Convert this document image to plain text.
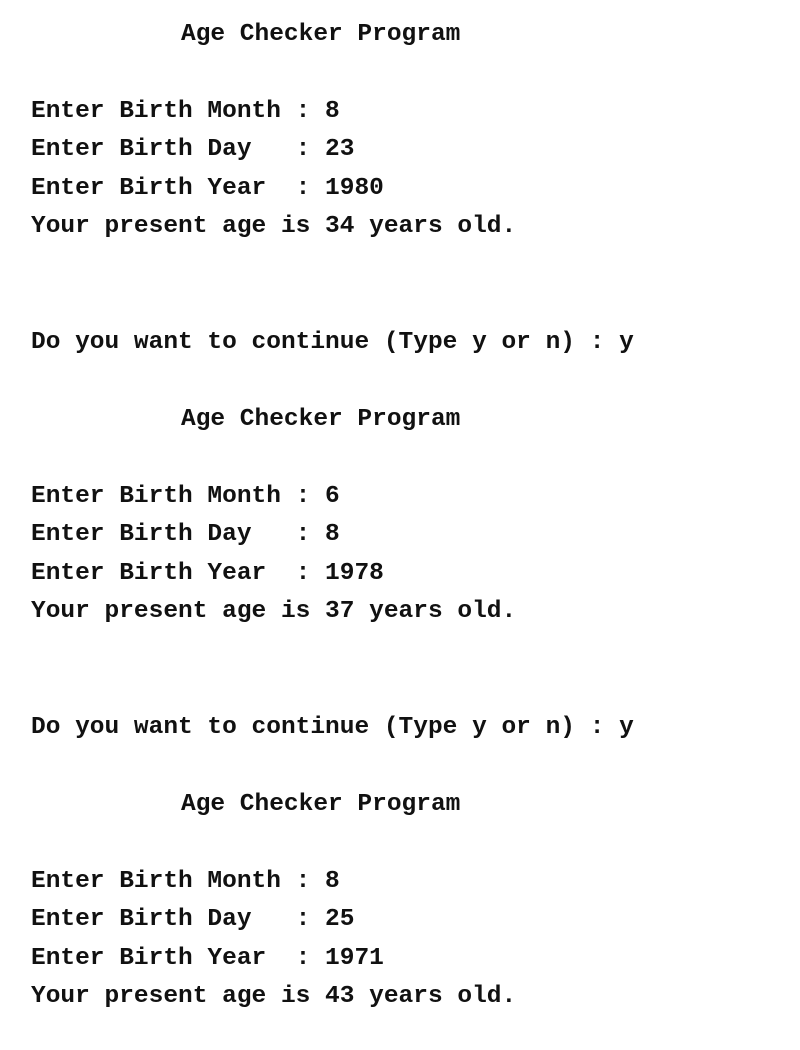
Age Checker Program
Enter Birth Month : 8
Enter Birth Day   : 23
Enter Birth Year  : 1980
Your present age is 34 years old.
Do you want to continue (Type y or n) : y
Age Checker Program
Enter Birth Month : 6
Enter Birth Day   : 8
Enter Birth Year  : 1978
Your present age is 37 years old.
Do you want to continue (Type y or n) : y
Age Checker Program
Enter Birth Month : 8
Enter Birth Day   : 25
Enter Birth Year  : 1971
Your present age is 43 years old.
